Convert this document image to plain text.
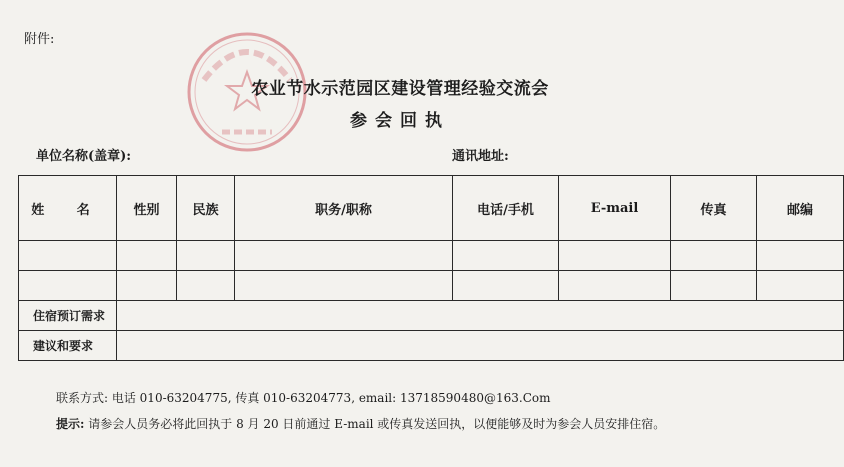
附件:
农业节水示范园区建设管理经验交流会
参会回执
单位名称(盖章):	通讯地址:
姓 名	性别	民族	职务/职称	电话/手机	E-mail	传真	邮编

住宿预订需求							
建议和要求							
联系方式: 电话 010-63204775, 传真 010-63204773, email: 13718590480@163.Com
提示: 请参会人员务必将此回执于 8 月 20 日前通过 E-mail 或传真发送回执，以便能够及时为参会人员安排住宿。
